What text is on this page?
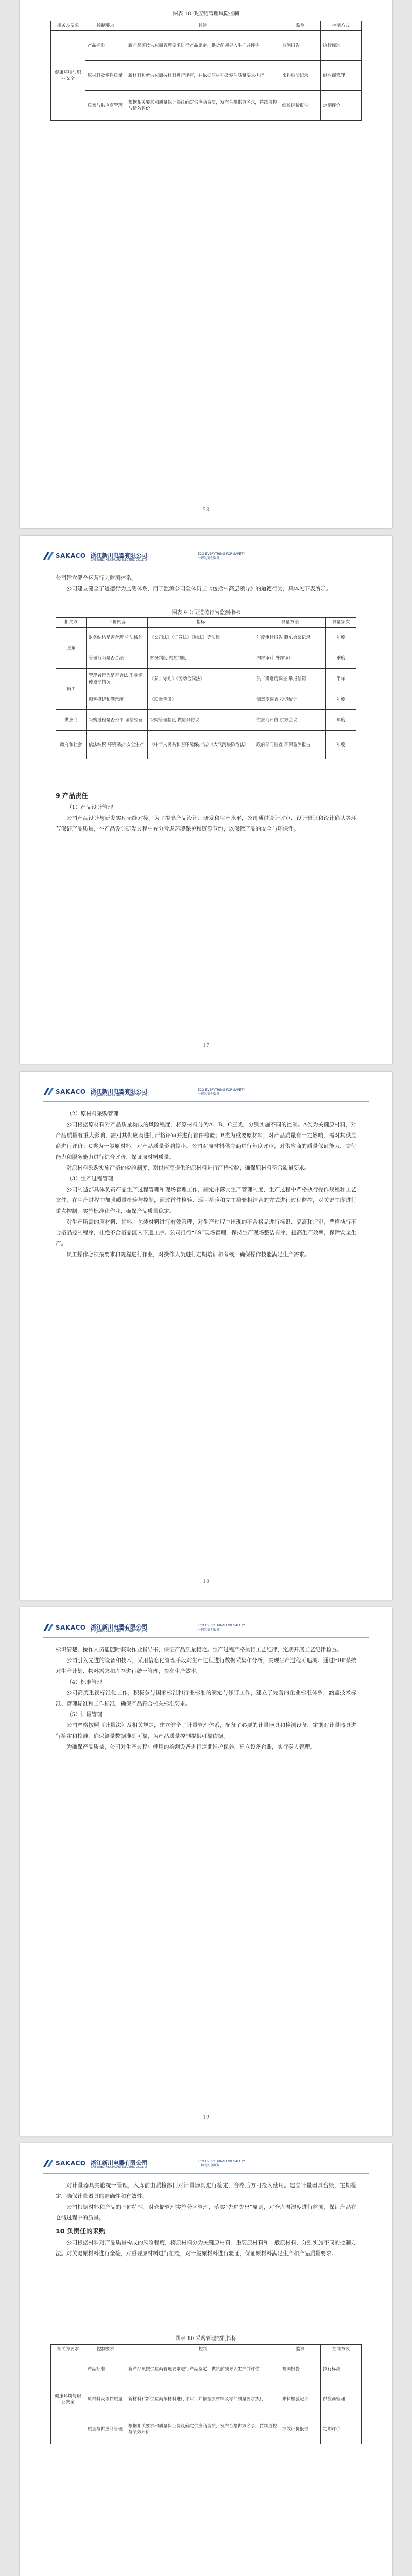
图表 10 供应链管理风险控制
相关方要求	控制要求	控制	监测	控制方式
健康环境与职业安全	产品标准	新产品须按供应商管理要求进行产品鉴定，供货前须导入生产并评估	检测报告	执行标准
	原材料及零件质量	新材料和新供应商按材料进行评审，并依据原材料及零件质量要求执行	来料检验记录	供应商管理
	质量与供应商管理	根据相关要求和质量保证协议确定供应商资质，发布合格供方名录，持续监控与绩效评价	绩效评价报告	定期评价
28
SAKACO 浙江新川电器有限公司
ZHEJIANG XINCHUAN ELECTRIC CO.,LTD
ECO EVERYTHING FOR SAFETY
一切为安全服务

公司建立健全运营行为监测体系。

公司建立健全了道德行为监测体系，用于监测公司全体员工《包括中高层领导》的道德行为，具体见下表所示。

图表 9 公司道德行为监测指标
相关方	评价内容	指标	测量方法	测量频次
股东	财务结构是否合理 守法诚信	《公司法》《证券法》《税法》等法律	年度审计报告 股东会议记录	年度
	管理行为是否合法	财务制度 内控制度	内部审计 外部审计	季度
员工	管理者行为是否合法 职业道德遵守情况	《员工守则》《劳动合同法》	员工满意度调查 举报信箱	半年
	顾客投诉和满意度	《质量手册》	满意度调查 投诉统计	年度
供应商	采购过程是否公平 诚信经营	采购管理制度 供应商协议	供应商评价 供方会议	年度
政府和社会	依法纳税 环境保护 安全生产	《中华人民共和国环境保护法》《大气污染防治法》	政府部门检查 环保监测报告	年度
9 产品责任

（1）产品设计管理

公司产品设计与研发实现无缝对接。为了提高产品设计、研发和生产水平，公司通过设计评审、设计验证和设计确认等环节保证产品质量，在产品设计研发过程中充分考虑环境保护和资源节约，以保障产品的安全与环保性。

17
SAKACO 浙江新川电器有限公司
ZHEJIANG XINCHUAN ELECTRIC CO.,LTD
ECO EVERYTHING FOR SAFETY
一切为安全服务

（2）原材料采购管理

公司根据原材料对产品质量构成的风险程度，将原材料分为A、B、C三类，分别实施不同的控制。A类为关键原材料，对产品质量有重大影响，需对其供应商进行严格评审并进行首件检验；B类为重要原材料，对产品质量有一定影响，需对其供应商进行评价；C类为一般原材料，对产品质量影响较小。公司对原材料供应商进行年度评审，对供应商的质量保证能力、交付能力和服务能力进行综合评价，保证原材料质量。

对原材料采购实施严格的检验制度，对供应商提供的原材料进行严格检验，确保原材料符合质量要求。

（3）生产过程管理

公司制造部具体负责产品生产过程管理和现场管理工作，制定并落实生产管理制度，生产过程中严格执行操作规程和工艺文件，在生产过程中加强质量检验与控制，通过首件检验、巡回检验和完工检验相结合的方式进行过程监控，对关键工序进行重点控制，实施标准化作业，确保产品质量稳定。

对生产所需的原材料、辅料、包装材料进行有效管理，对生产过程中出现的不合格品进行标识、隔离和评审，严格执行不合格品控制程序，杜绝不合格品流入下道工序。公司推行“6S”现场管理，保持生产现场整洁有序，提高生产效率，保障安全生产。

员工操作必须按要求和规程进行作业，对操作人员进行定期培训和考核，确保操作技能满足生产需求。

18
SAKACO 浙江新川电器有限公司
ZHEJIANG XINCHUAN ELECTRIC CO.,LTD
ECO EVERYTHING FOR SAFETY
一切为安全服务

标识清楚，操作人员能随时获取作业指导书，保证产品质量稳定。生产过程严格执行工艺纪律，定期开展工艺纪律检查。

公司引入先进的设备和技术，采用信息化管理手段对生产过程进行数据采集和分析，实现生产过程可追溯。通过ERP系统对生产计划、物料需求和库存进行统一管理，提高生产效率。

（4）标准管理

公司高度重视标准化工作，积极参与国家标准和行业标准的制定与修订工作，建立了完善的企业标准体系，涵盖技术标准、管理标准和工作标准，确保产品符合相关标准要求。

（5）计量管理

公司严格按照《计量法》及相关规定，建立健全了计量管理体系，配备了必要的计量器具和检测设备，定期对计量器具进行检定和校准，确保测量数据准确可靠，为产品质量控制提供可靠依据。

为确保产品质量，公司对生产过程中使用的检测设备进行定期维护保养，建立设备台账，实行专人管理。

19
SAKACO 浙江新川电器有限公司
ZHEJIANG XINCHUAN ELECTRIC CO.,LTD
ECO EVERYTHING FOR SAFETY
一切为安全服务

对计量器具实施统一管理，入库前由质检部门对计量器具进行检定，合格后方可投入使用。建立计量器具台账，定期检定，确保计量器具的准确性和有效性。

公司根据材料和产品的不同特性，对仓储管理实施分区管理，落实“先进先出”原则，对仓库温湿度进行监测，保证产品在仓储过程中的质量。

10 负责任的采购

公司根据材料对产品质量构成的风险程度，将原材料分为关键原材料、重要原材料和一般原材料，分别实施不同的控制方法。对关键原材料进行全检，对重要原材料进行抽检，对一般原材料进行验证，保证原材料满足生产和产品质量要求。

图表 10 采购管理控制指标
相关方要求	控制要求	控制	监测	控制方式
健康环境与职业安全	产品标准	新产品须按供应商管理要求进行产品鉴定，供货前须导入生产并评估	检测报告	执行标准
	原材料及零件质量	新材料和新供应商按材料进行评审，并依据原材料及零件质量要求执行	来料检验记录	供应商管理
	质量与供应商管理	根据相关要求和质量保证协议确定供应商资质，发布合格供方名录，持续监控与绩效评价	绩效评价报告	定期评价
